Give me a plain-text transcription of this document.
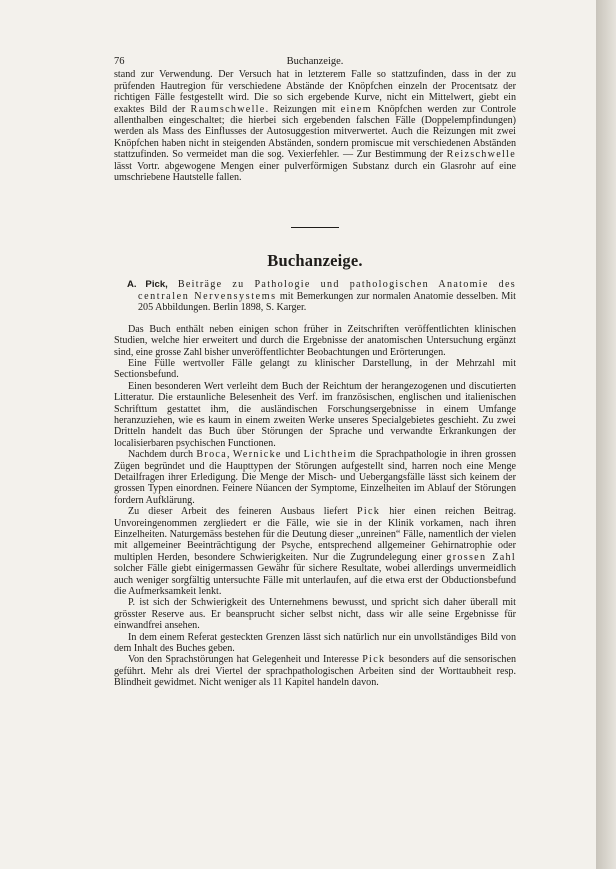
76	Buchanzeige.

stand zur Verwendung. Der Versuch hat in letzterem Falle so stattzufinden, dass in der zu prüfenden Hautregion für verschiedene Abstände der Knöpfchen einzeln der Procentsatz der richtigen Fälle festgestellt wird. Die so sich ergebende Kurve, nicht ein Mittelwert, giebt ein exaktes Bild der Raumschwelle. Reizungen mit einem Knöpfchen werden zur Controle allenthalben eingeschaltet; die hierbei sich ergebenden falschen Fälle (Doppelempfindungen) werden als Mass des Einflusses der Autosuggestion mitverwertet. Auch die Reizungen mit zwei Knöpfchen haben nicht in steigenden Abständen, sondern promiscue mit verschiedenen Abständen stattzufinden. So vermeidet man die sog. Vexierfehler. — Zur Bestimmung der Reizschwelle lässt Vortr. abgewogene Mengen einer pulverförmigen Substanz durch ein Glasrohr auf eine umschriebene Hautstelle fallen.

Buchanzeige.

A. Pick, Beiträge zu Pathologie und pathologischen Anatomie des centralen Nervensystems mit Bemerkungen zur normalen Anatomie desselben. Mit 205 Abbildungen. Berlin 1898, S. Karger.

Das Buch enthält neben einigen schon früher in Zeitschriften veröffentlichten klinischen Studien, welche hier erweitert und durch die Ergebnisse der anatomischen Untersuchung ergänzt sind, eine grosse Zahl bisher unveröffentlichter Beobachtungen und Erörterungen.

Eine Fülle wertvoller Fälle gelangt zu klinischer Darstellung, in der Mehrzahl mit Sectionsbefund.

Einen besonderen Wert verleiht dem Buch der Reichtum der herangezogenen und discutierten Litteratur. Die erstaunliche Belesenheit des Verf. im französischen, englischen und italienischen Schrifttum gestattet ihm, die ausländischen Forschungsergebnisse in einem Umfange heranzuziehen, wie es kaum in einem zweiten Werke unseres Specialgebietes geschieht. Zu zwei Dritteln handelt das Buch über Störungen der Sprache und verwandte Erkrankungen der localisierbaren psychischen Functionen.

Nachdem durch Broca, Wernicke und Lichtheim die Sprachpathologie in ihren grossen Zügen begründet und die Haupttypen der Störungen aufgestellt sind, harren noch eine Menge Detailfragen ihrer Erledigung. Die Menge der Misch- und Uebergangsfälle lässt sich keinem der grossen Typen einordnen. Feinere Nüancen der Symptome, Einzelheiten im Ablauf der Störungen fordern Aufklärung.

Zu dieser Arbeit des feineren Ausbaus liefert Pick hier einen reichen Beitrag. Unvoreingenommen zergliedert er die Fälle, wie sie in der Klinik vorkamen, nach ihren Einzelheiten. Naturgemäss bestehen für die Deutung dieser „unreinen“ Fälle, namentlich der vielen mit allgemeiner Beeinträchtigung der Psyche, entsprechend allgemeiner Gehirnatrophie oder multiplen Herden, besondere Schwierigkeiten. Nur die Zugrundelegung einer grossen Zahl solcher Fälle giebt einigermassen Gewähr für sichere Resultate, wobei allerdings unvermeidlich auch weniger sorgfältig untersuchte Fälle mit unterlaufen, auf die etwa erst der Obductionsbefund die Aufmerksamkeit lenkt.

P. ist sich der Schwierigkeit des Unternehmens bewusst, und spricht sich daher überall mit grösster Reserve aus. Er beansprucht sicher selbst nicht, dass wir alle seine Ergebnisse für einwandfrei ansehen.

In dem einem Referat gesteckten Grenzen lässt sich natürlich nur ein unvollständiges Bild von dem Inhalt des Buches geben.

Von den Sprachstörungen hat Gelegenheit und Interesse Pick besonders auf die sensorischen geführt. Mehr als drei Viertel der sprachpathologischen Arbeiten sind der Worttaubheit resp. Blindheit gewidmet. Nicht weniger als 11 Kapitel handeln davon.
